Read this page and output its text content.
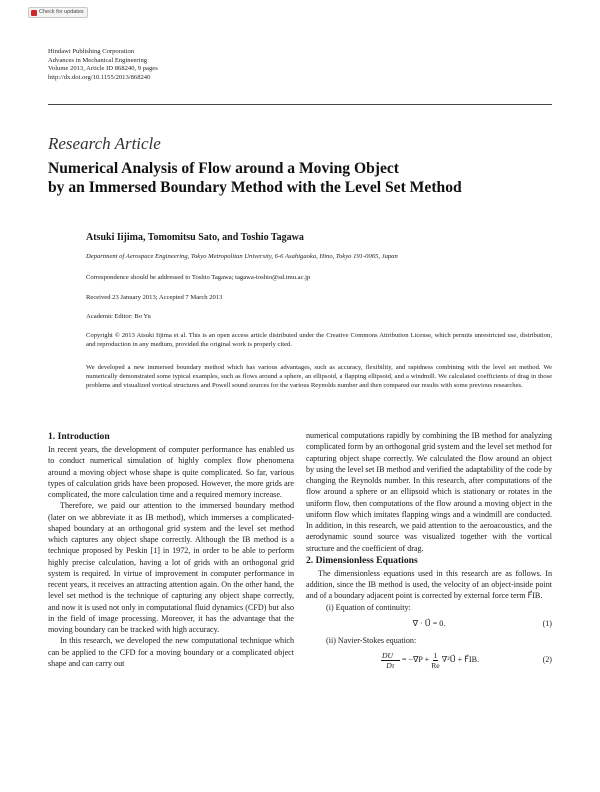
Check for updates
Hindawi Publishing Corporation
Advances in Mechanical Engineering
Volume 2013, Article ID 868240, 9 pages
http://dx.doi.org/10.1155/2013/868240
Research Article
Numerical Analysis of Flow around a Moving Object
by an Immersed Boundary Method with the Level Set Method
Atsuki Iijima, Tomomitsu Sato, and Toshio Tagawa
Department of Aerospace Engineering, Tokyo Metropolitan University, 6-6 Asahigaoka, Hino, Tokyo 191-0065, Japan
Correspondence should be addressed to Toshio Tagawa; tagawa-toshio@sd.tmu.ac.jp
Received 23 January 2013; Accepted 7 March 2013
Academic Editor: Bo Yu
Copyright © 2013 Atsuki Iijima et al. This is an open access article distributed under the Creative Commons Attribution License, which permits unrestricted use, distribution, and reproduction in any medium, provided the original work is properly cited.
We developed a new immersed boundary method which has various advantages, such as accuracy, flexibility, and rapidness combining with the level set method. We numerically demonstrated some typical examples, such as flows around a sphere, an ellipsoid, a flapping ellipsoid, and a windmill. We calculated coefficients of drag in those problems and visualized vortical structures and Powell sound sources for the various Reynolds number and then compared our results with some previous researches.

1. Introduction

In recent years, the development of computer performance has enabled us to conduct numerical simulation of highly complex flow phenomena around a moving object whose shape is quite complicated. So far, various types of calculation grids have been proposed. However, the more grids are complicated, the more calculation time and a required memory increase.

Therefore, we paid our attention to the immersed boundary method (later on we abbreviate it as IB method), which immerses a complicated-shaped boundary at an orthogonal grid system and the level set method which captures any object shape correctly. Although the IB method is a technique proposed by Peskin [1] in 1972, in order to be able to perform highly precise calculation, having a lot of grids with an orthogonal grid system is required. In virtue of improvement in computer performance in recent years, it receives an attracting attention again. On the other hand, the level set method is the technique of capturing any object shape correctly, and now it is used not only in computational fluid dynamics (CFD) but also in the field of image processing. Moreover, it has the advantage that the moving boundary can be tracked with high accuracy.

In this research, we developed the new computational technique which can be applied to the CFD for a moving boundary or a complicated object shape and can carry out

numerical computations rapidly by combining the IB method for analyzing complicated form by an orthogonal grid system and the level set method for capturing object shape correctly. We calculated the flow around an object by using the level set IB method and verified the adaptability of the code by changing the Reynolds number. In this research, after computations of the flow around a sphere or an ellipsoid which is stationary or rotates in the uniform flow, then computations of the flow around a moving object in the uniform flow which imitates flapping wings and a windmill are conducted. In addition, in this research, we paid attention to the aeroacoustics, and the aerodynamic sound source was visualized together with the vortical structure and the coefficient of drag.

2. Dimensionless Equations

The dimensionless equations used in this research are as follows. In addition, since the IB method is used, the velocity of an object-inside point and of a boundary adjacent point is corrected by external force term F⃗IB.

(i) Equation of continuity:

∇⃗ · U⃗ = 0.	(1)

(ii) Navier-Stokes equation:

$\frac{DU⃗}{D\tau}$ = −∇⃗P + $\frac{1}{Re}$ ∇²U⃗ + F⃗IB.	(2)
